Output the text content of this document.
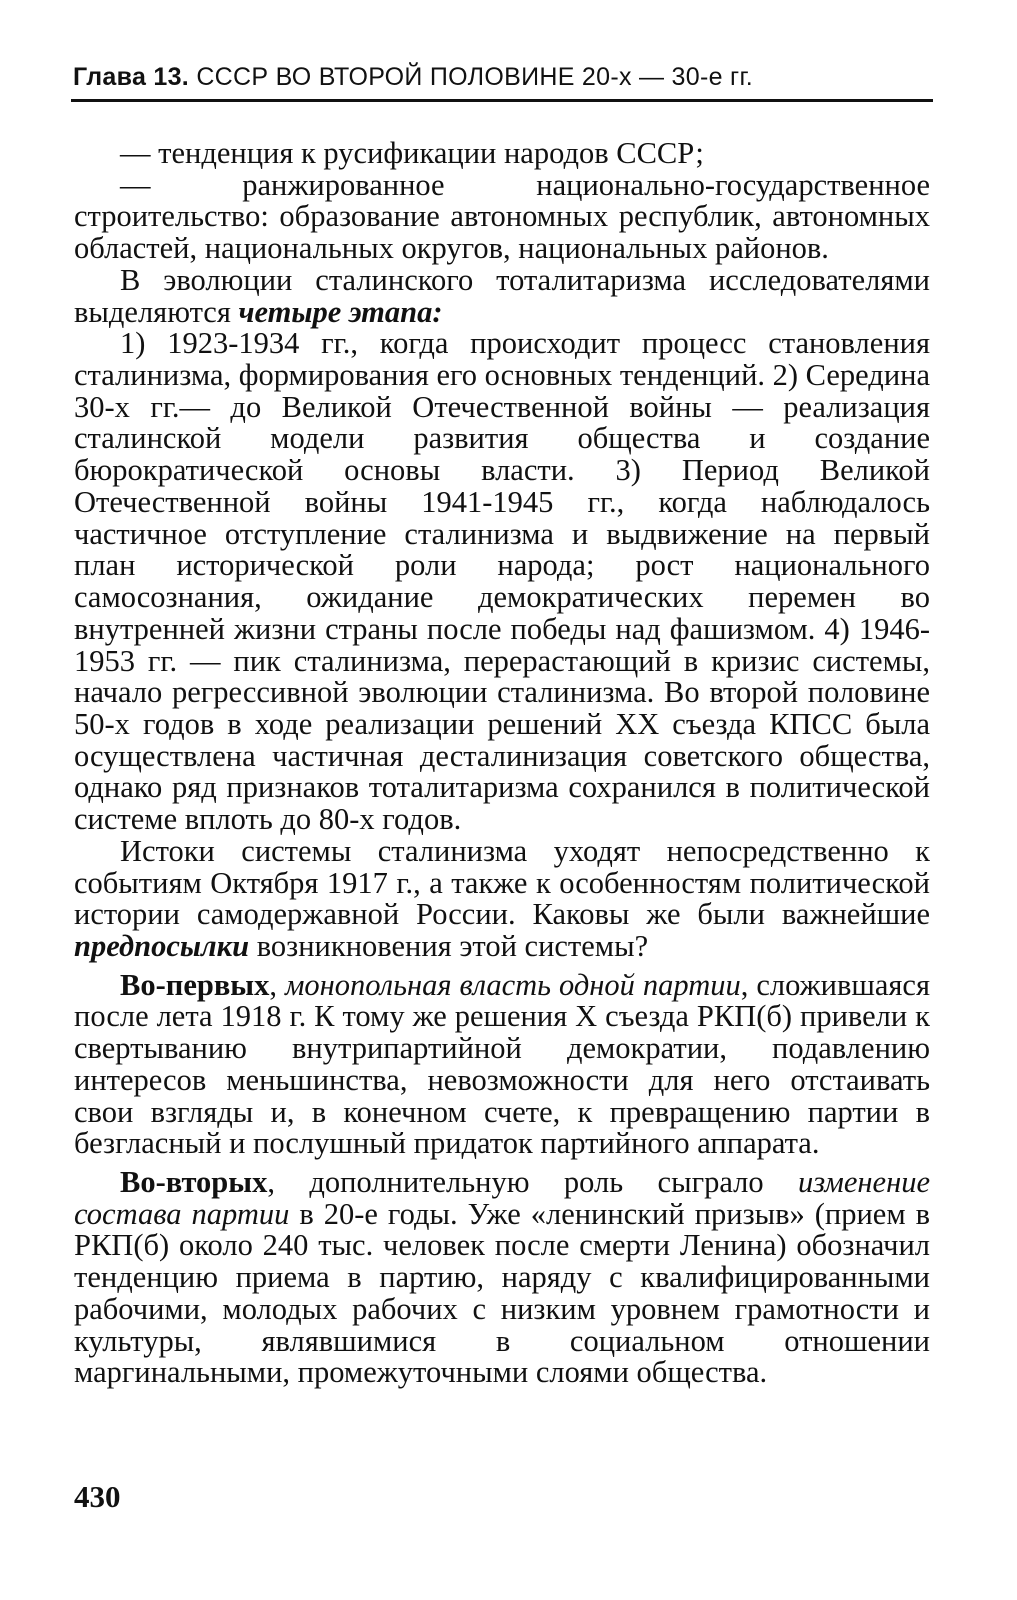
Глава 13. СССР ВО ВТОРОЙ ПОЛОВИНЕ 20-х — 30-е гг.

— тенденция к русификации народов СССР;

— ранжированное национально-государственное строительство: образование автономных республик, автономных областей, национальных округов, национальных районов.

В эволюции сталинского тоталитаризма исследователями выделяются четыре этапа:

1) 1923-1934 гг., когда происходит процесс становления сталинизма, формирования его основных тенденций. 2) Середина 30-х гг.— до Великой Отечественной войны — реализация сталинской модели развития общества и создание бюрократической основы власти. 3) Период Великой Отечественной войны 1941-1945 гг., когда наблюдалось частичное отступление сталинизма и выдвижение на первый план исторической роли народа; рост национального самосознания, ожидание демократических перемен во внутренней жизни страны после победы над фашизмом. 4) 1946-1953 гг. — пик сталинизма, перерастающий в кризис системы, начало регрессивной эволюции сталинизма. Во второй половине 50-х годов в ходе реализации решений XX съезда КПСС была осуществлена частичная десталинизация советского общества, однако ряд признаков тоталитаризма сохранился в политической системе вплоть до 80-х годов.

Истоки системы сталинизма уходят непосредственно к событиям Октября 1917 г., а также к особенностям политической истории самодержавной России. Каковы же были важнейшие предпосылки возникновения этой системы?

Во-первых, монопольная власть одной партии, сложившаяся после лета 1918 г. К тому же решения X съезда РКП(б) привели к свертыванию внутрипартийной демократии, подавлению интересов меньшинства, невозможности для него отстаивать свои взгляды и, в конечном счете, к превращению партии в безгласный и послушный придаток партийного аппарата.

Во-вторых, дополнительную роль сыграло изменение состава партии в 20-е годы. Уже «ленинский призыв» (прием в РКП(б) около 240 тыс. человек после смерти Ленина) обозначил тенденцию приема в партию, наряду с квалифицированными рабочими, молодых рабочих с низким уровнем грамотности и культуры, являвшимися в социальном отношении маргинальными, промежуточными слоями общества.

430
